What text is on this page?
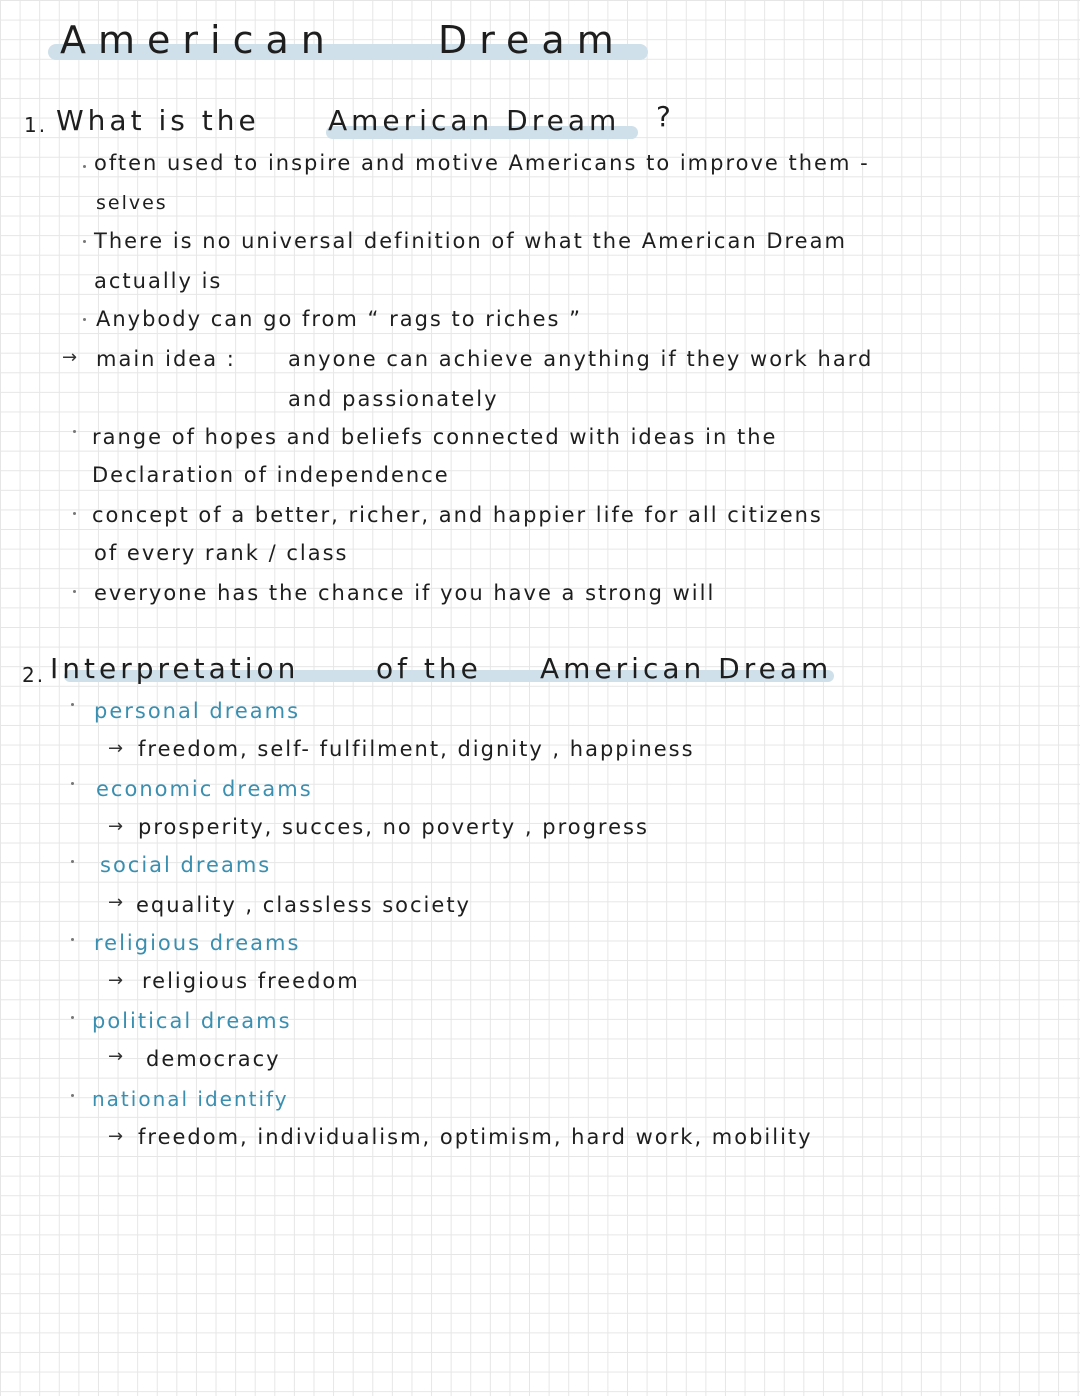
American	Dream
1. What is the American Dream ?
often used to inspire and motive Americans to improve them -
selves
There is no universal definition of what the American Dream
actually is
Anybody can go from “ rags to riches ”
→ main idea : anyone can achieve anything if they work hard
and passionately
range of hopes and beliefs connected with ideas in the
Declaration of independence
concept of a better, richer, and happier life for all citizens
of every rank / class
everyone has the chance if you have a strong will
2. Interpretation	of the American Dream
personal dreams
→ freedom, self- fulfilment, dignity , happiness
economic dreams
→ prosperity, succes, no poverty , progress
social dreams
→ equality , classless society
religious dreams
→ religious freedom
political dreams
→ democracy
national identify
→ freedom, individualism, optimism, hard work, mobility
